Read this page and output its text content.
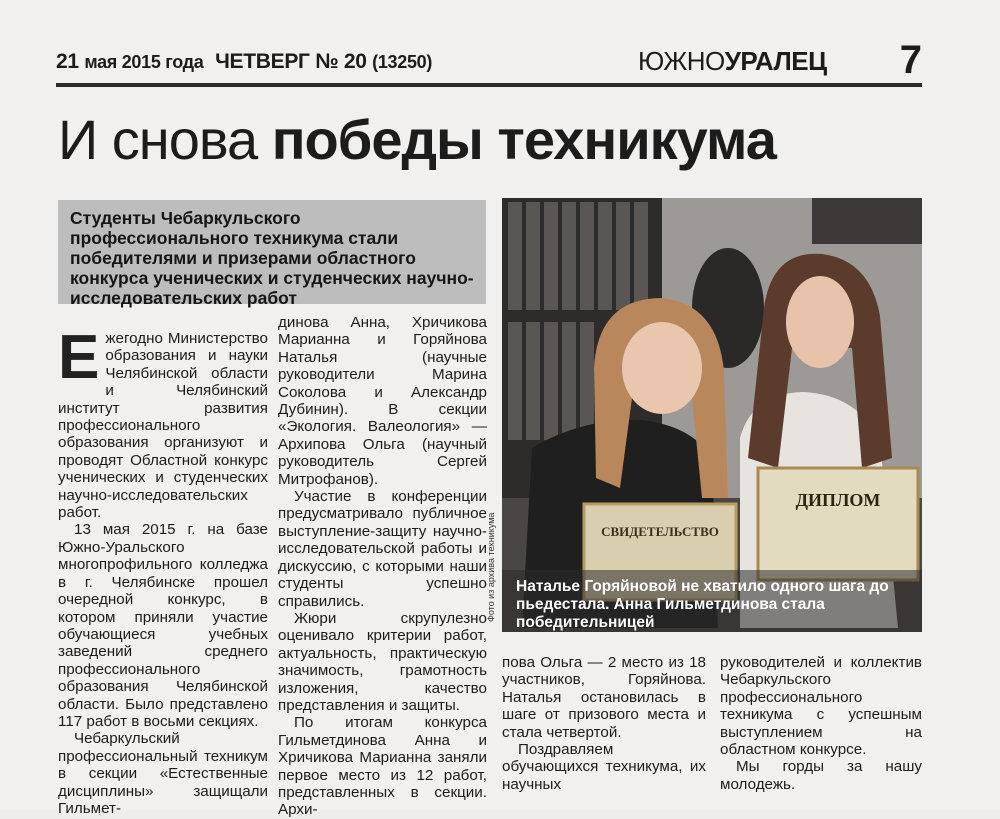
21 мая 2015 года ЧЕТВЕРГ № 20 (13250)	ЮЖНОУРАЛЕЦ 7
И снова победы техникума

Студенты Чебаркульского профессионального техникума стали победителями и призерами областного конкурса ученических и студенческих научно-исследовательских работ

Ежегодно Министерство образования и науки Челябинской области и Челябинский институт развития профессионального образования организуют и проводят Областной конкурс ученических и студенческих научно-исследовательских работ.

13 мая 2015 г. на базе Южно-Уральского многопрофильного колледжа в г. Челябинске прошел очередной конкурс, в котором приняли участие обучающиеся учебных заведений среднего профессионального образования Челябинской области. Было представлено 117 работ в восьми секциях.

Чебаркульский профессиональный техникум в секции «Естественные дисциплины» защищали Гильмет-

динова Анна, Хричикова Марианна и Горяйнова Наталья (научные руководители Марина Соколова и Александр Дубинин). В секции «Экология. Валеология» — Архипова Ольга (научный руководитель Сергей Митрофанов).

Участие в конференции предусматривало публичное выступление-защиту научно-исследовательской работы и дискуссию, с которыми наши студенты успешно справились.

Жюри скрупулезно оценивало критерии работ, актуальность, практическую значимость, грамотность изложения, качество представления и защиты.

По итогам конкурса Гильметдинова Анна и Хричикова Марианна заняли первое место из 12 работ, представленных в секции. Архи-

СВИДЕТЕЛЬСТВО
ДИПЛОМ
Наталье Горяйновой не хватило одного шага до пьедестала. Анна Гильметдинова стала победительницей
Фото из архива техникума

пова Ольга — 2 место из 18 участников, Горяйнова. Наталья остановилась в шаге от призового места и стала четвертой.

Поздравляем обучающихся техникума, их научных

руководителей и коллектив Чебаркульского профессионального техникума с успешным выступлением на областном конкурсе.

Мы горды за нашу молодежь.
